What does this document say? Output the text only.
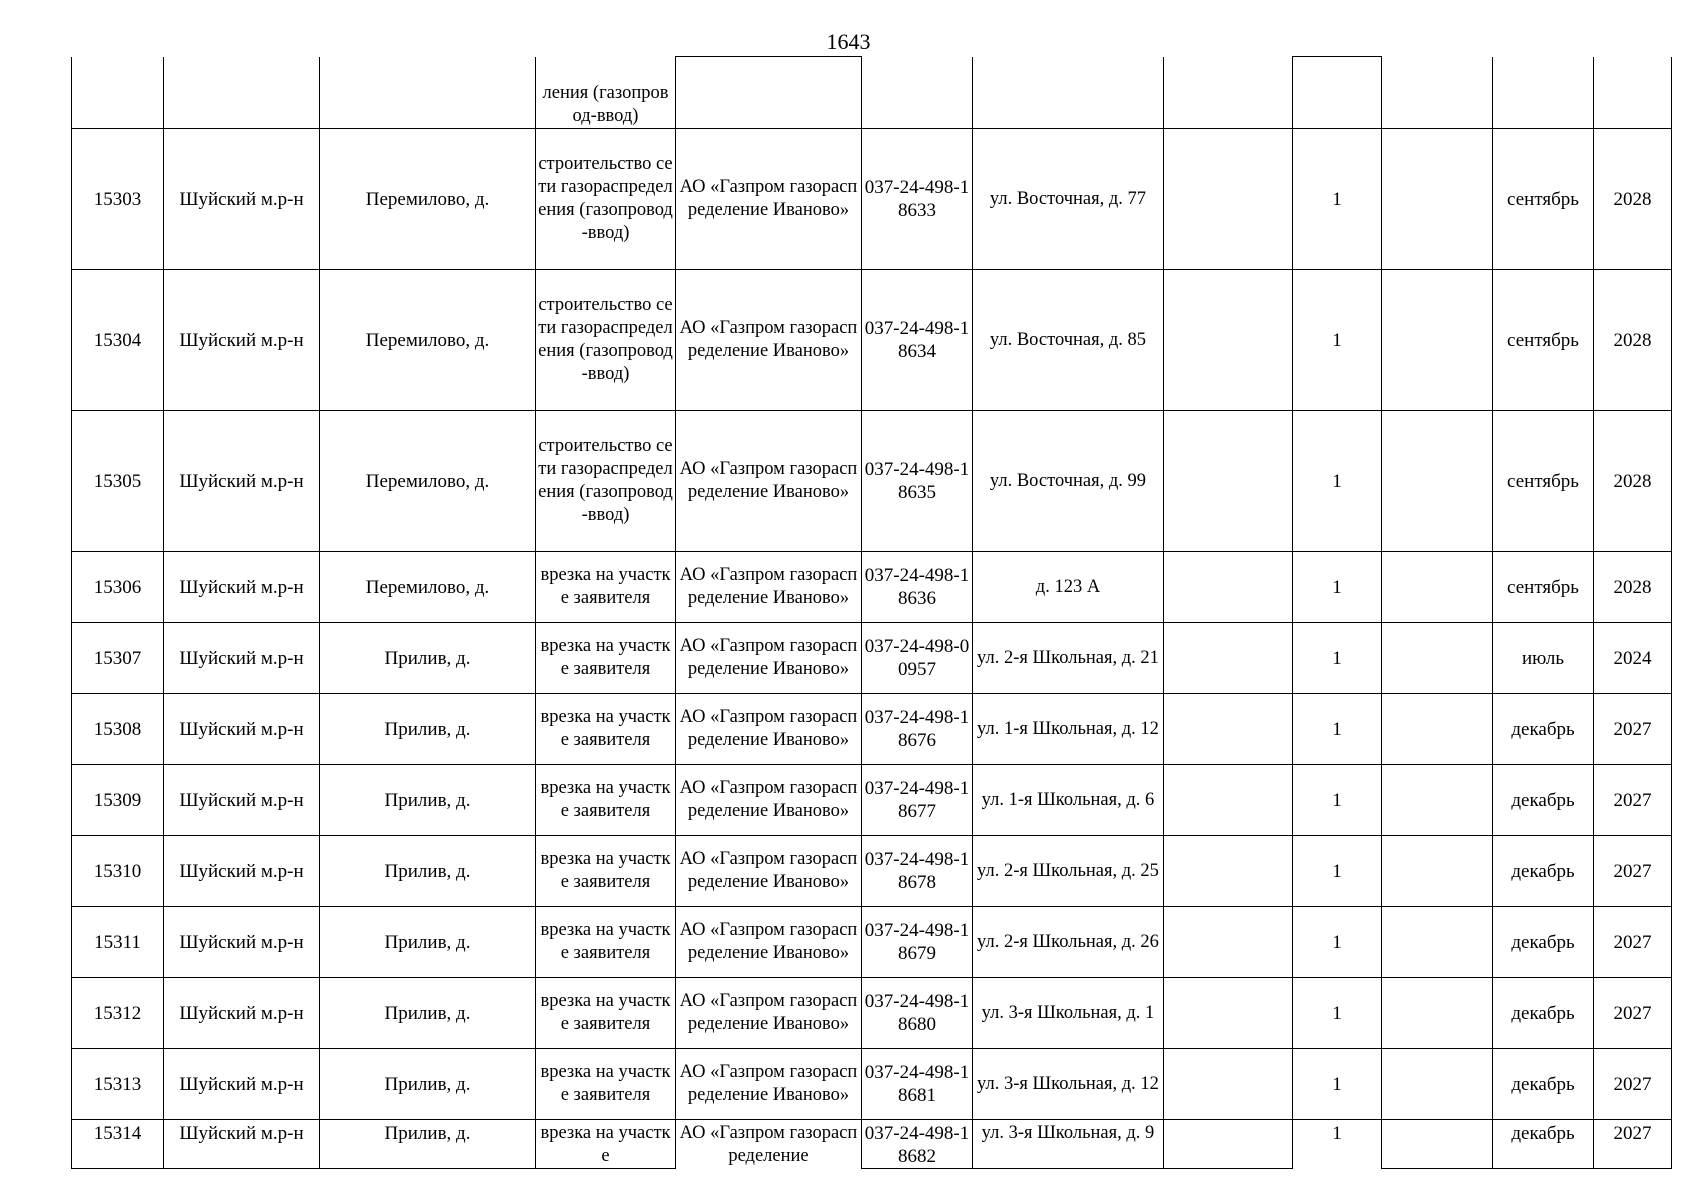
1643
			ления (газопровод-ввод)								
15303	Шуйский м.р-н	Перемилово, д.	строительство сети газораспределения (газопровод-ввод)	АО «Газпром газораспределение Иваново»	037-24-498-18633	ул. Восточная, д. 77		1		сентябрь	2028
15304	Шуйский м.р-н	Перемилово, д.	строительство сети газораспределения (газопровод-ввод)	АО «Газпром газораспределение Иваново»	037-24-498-18634	ул. Восточная, д. 85		1		сентябрь	2028
15305	Шуйский м.р-н	Перемилово, д.	строительство сети газораспределения (газопровод-ввод)	АО «Газпром газораспределение Иваново»	037-24-498-18635	ул. Восточная, д. 99		1		сентябрь	2028
15306	Шуйский м.р-н	Перемилово, д.	врезка на участке заявителя	АО «Газпром газораспределение Иваново»	037-24-498-18636	д. 123 А		1		сентябрь	2028
15307	Шуйский м.р-н	Прилив, д.	врезка на участке заявителя	АО «Газпром газораспределение Иваново»	037-24-498-00957	ул. 2-я Школьная, д. 21		1		июль	2024
15308	Шуйский м.р-н	Прилив, д.	врезка на участке заявителя	АО «Газпром газораспределение Иваново»	037-24-498-18676	ул. 1-я Школьная, д. 12		1		декабрь	2027
15309	Шуйский м.р-н	Прилив, д.	врезка на участке заявителя	АО «Газпром газораспределение Иваново»	037-24-498-18677	ул. 1-я Школьная, д. 6		1		декабрь	2027
15310	Шуйский м.р-н	Прилив, д.	врезка на участке заявителя	АО «Газпром газораспределение Иваново»	037-24-498-18678	ул. 2-я Школьная, д. 25		1		декабрь	2027
15311	Шуйский м.р-н	Прилив, д.	врезка на участке заявителя	АО «Газпром газораспределение Иваново»	037-24-498-18679	ул. 2-я Школьная, д. 26		1		декабрь	2027
15312	Шуйский м.р-н	Прилив, д.	врезка на участке заявителя	АО «Газпром газораспределение Иваново»	037-24-498-18680	ул. 3-я Школьная, д. 1		1		декабрь	2027
15313	Шуйский м.р-н	Прилив, д.	врезка на участке заявителя	АО «Газпром газораспределение Иваново»	037-24-498-18681	ул. 3-я Школьная, д. 12		1		декабрь	2027
15314	Шуйский м.р-н	Прилив, д.	врезка на участке	АО «Газпром газораспределение	037-24-498-18682	ул. 3-я Школьная, д. 9		1		декабрь	2027
